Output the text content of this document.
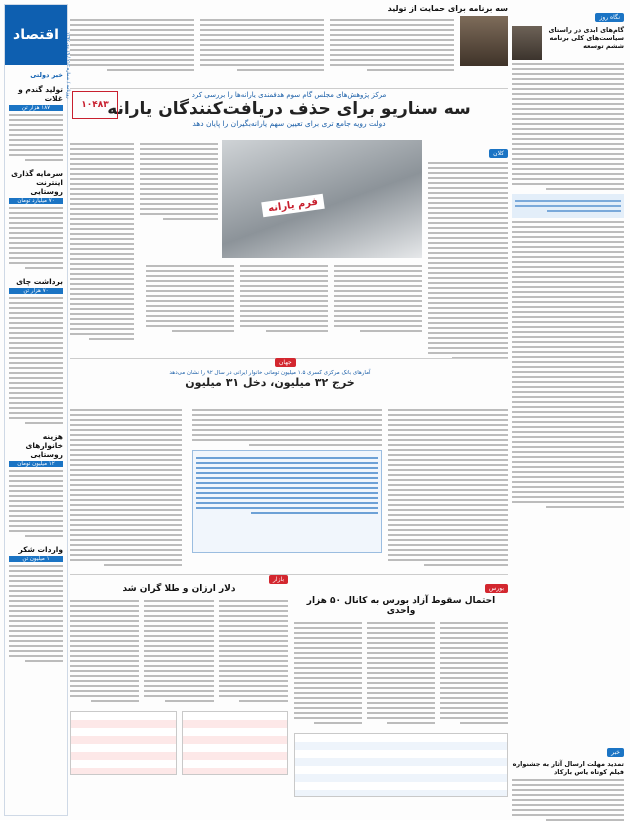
اقتصاد	روزنامه / شماره ۲۱۳ / ۱۹ دی ۱۳۹۲
خبر دولتی
تولید گندم و غلات
۱۸۷ هزار تن
سرمایه گذاری اینترنت روستایی
۷۰ میلیارد تومان
برداشت چای
۷۰ هزار تن
هزینه خانوارهای روستایی
۱۲ میلیون تومان
واردات شکر
۱ میلیون تن
نگاه روز
گام‌های ابدی در راستای سیاست‌های کلی برنامه ششم توسعه
خبر
تمدید مهلت ارسال آثار به جشنواره فیلم کوتاه یاس بارکاد
سه برنامه برای حمایت از تولید
مرکز پژوهش‌های مجلس گام سوم هدفمندی یارانه‌ها را بررسی کرد
سه سناریو برای حذف دریافت‌کنندگان یارانه
دولت رویه جامع تری برای تعیین سهم یارانه‌بگیران را پایان دهد
۱۰۴۸۳
كلان
فرم یارانه
جهان
آمارهای بانک مرکزی کسری ۱.۵ میلیون تومانی خانوار ایرانی در سال ۹۲ را نشان می‌دهد
خرج ۳۲ میلیون، دخل ۳۱ میلیون
بورس
احتمال سقوط آزاد بورس به کانال ۵۰ هزار واحدی
بازار
دلار ارزان و طلا گران شد
